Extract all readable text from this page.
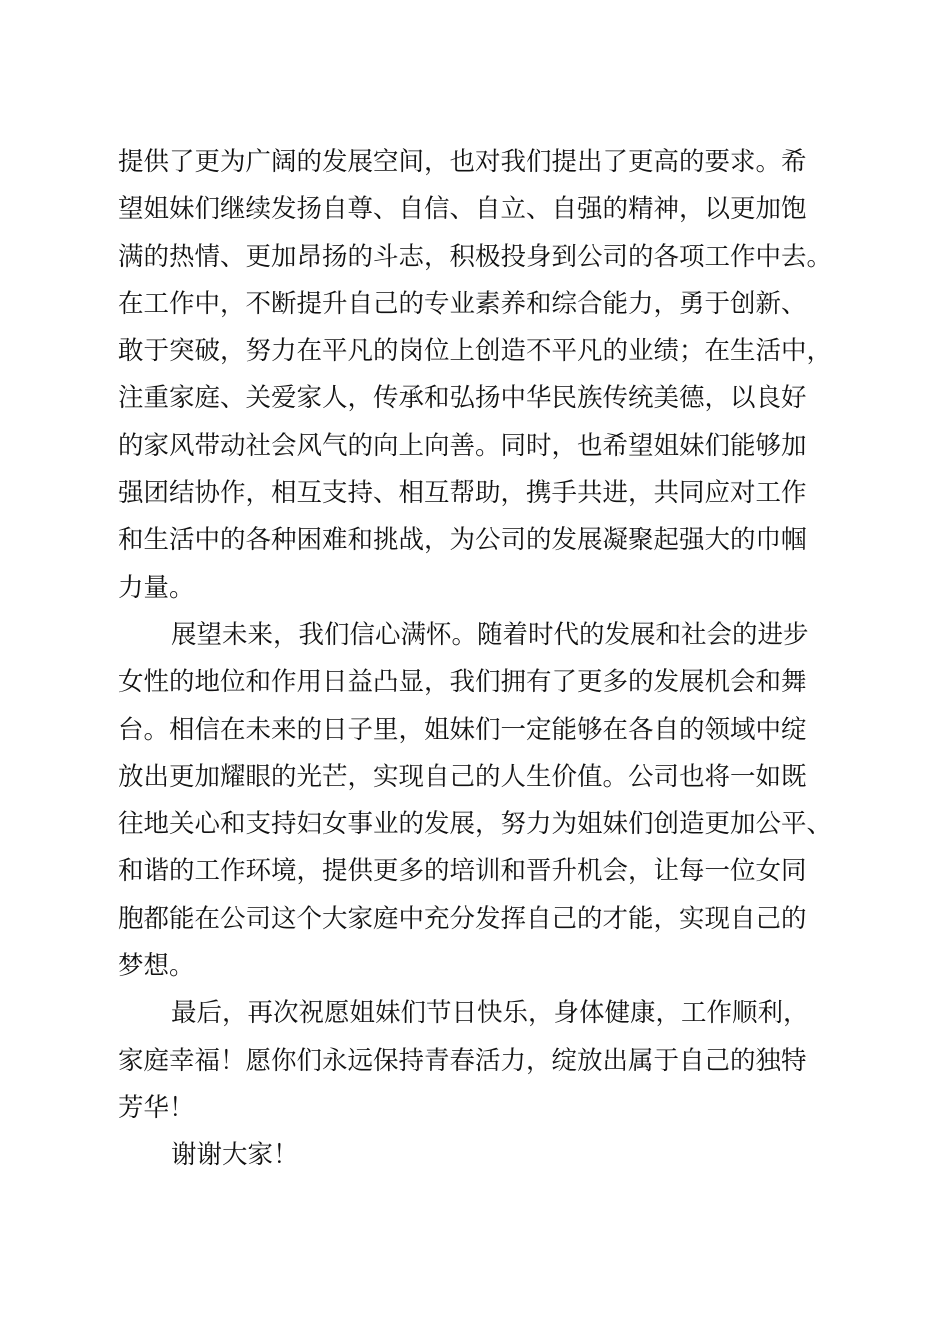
提供了更为广阔的发展空间，也对我们提出了更高的要求。希
望姐妹们继续发扬自尊、自信、自立、自强的精神，以更加饱
满的热情、更加昂扬的斗志，积极投身到公司的各项工作中去。
在工作中，不断提升自己的专业素养和综合能力，勇于创新、
敢于突破，努力在平凡的岗位上创造不平凡的业绩；在生活中，
注重家庭、关爱家人，传承和弘扬中华民族传统美德，以良好
的家风带动社会风气的向上向善。同时，也希望姐妹们能够加
强团结协作，相互支持、相互帮助，携手共进，共同应对工作
和生活中的各种困难和挑战，为公司的发展凝聚起强大的巾帼
力量。
展望未来，我们信心满怀。随着时代的发展和社会的进步
女性的地位和作用日益凸显，我们拥有了更多的发展机会和舞
台。相信在未来的日子里，姐妹们一定能够在各自的领域中绽
放出更加耀眼的光芒，实现自己的人生价值。公司也将一如既
往地关心和支持妇女事业的发展，努力为姐妹们创造更加公平、
和谐的工作环境，提供更多的培训和晋升机会，让每一位女同
胞都能在公司这个大家庭中充分发挥自己的才能，实现自己的
梦想。
最后，再次祝愿姐妹们节日快乐，身体健康，工作顺利，
家庭幸福！愿你们永远保持青春活力，绽放出属于自己的独特
芳华！
谢谢大家！
